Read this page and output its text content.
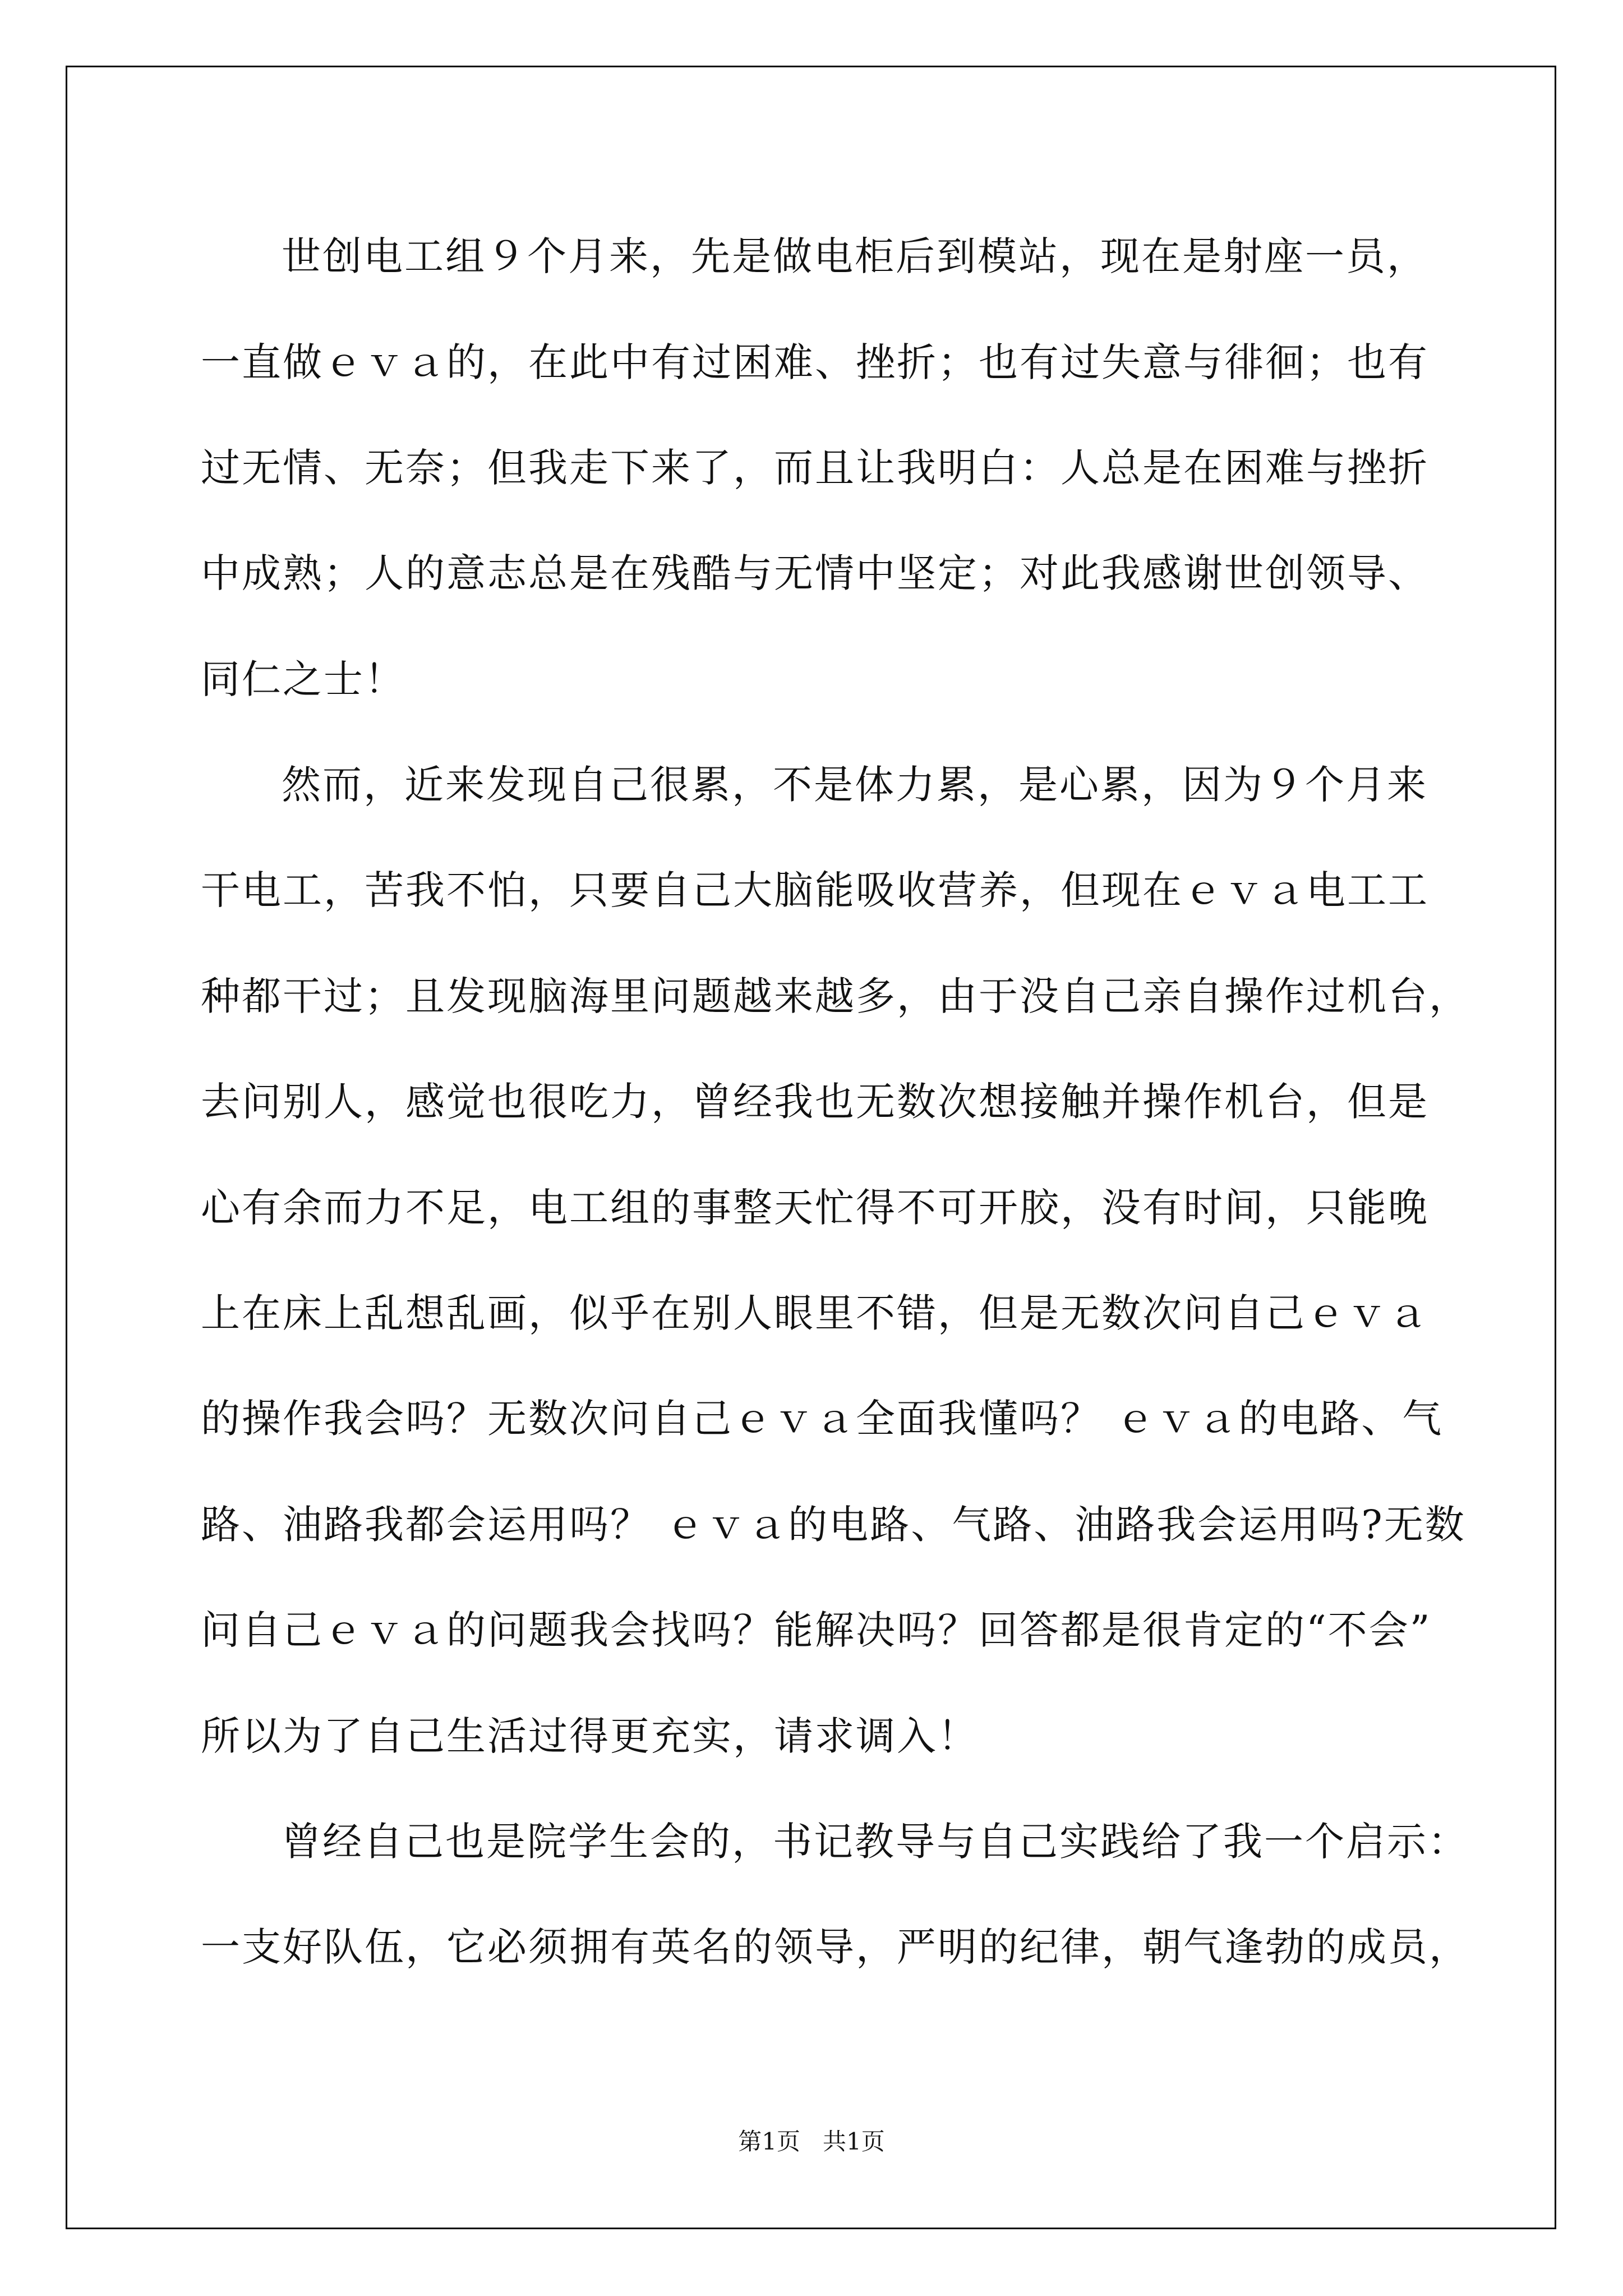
世创电工组９个月来，先是做电柜后到模站，现在是射座一员，
一直做ｅｖａ的，在此中有过困难、挫折；也有过失意与徘徊；也有
过无情、无奈；但我走下来了，而且让我明白：人总是在困难与挫折
中成熟；人的意志总是在残酷与无情中坚定；对此我感谢世创领导、
同仁之士！
然而，近来发现自己很累，不是体力累，是心累，因为９个月来
干电工，苦我不怕，只要自己大脑能吸收营养，但现在ｅｖａ电工工
种都干过；且发现脑海里问题越来越多，由于没自己亲自操作过机台，
去问别人，感觉也很吃力，曾经我也无数次想接触并操作机台，但是
心有余而力不足，电工组的事整天忙得不可开胶，没有时间，只能晚
上在床上乱想乱画，似乎在别人眼里不错，但是无数次问自己ｅｖａ
的操作我会吗？无数次问自己ｅｖａ全面我懂吗？ ｅｖａ的电路、气
路、油路我都会运用吗？ ｅｖａ的电路、气路、油路我会运用吗?无数
问自己ｅｖａ的问题我会找吗？能解决吗？回答都是很肯定的“不会”
所以为了自己生活过得更充实，请求调入！
曾经自己也是院学生会的，书记教导与自己实践给了我一个启示：
一支好队伍，它必须拥有英名的领导，严明的纪律，朝气逢勃的成员，
第1页   共1页
